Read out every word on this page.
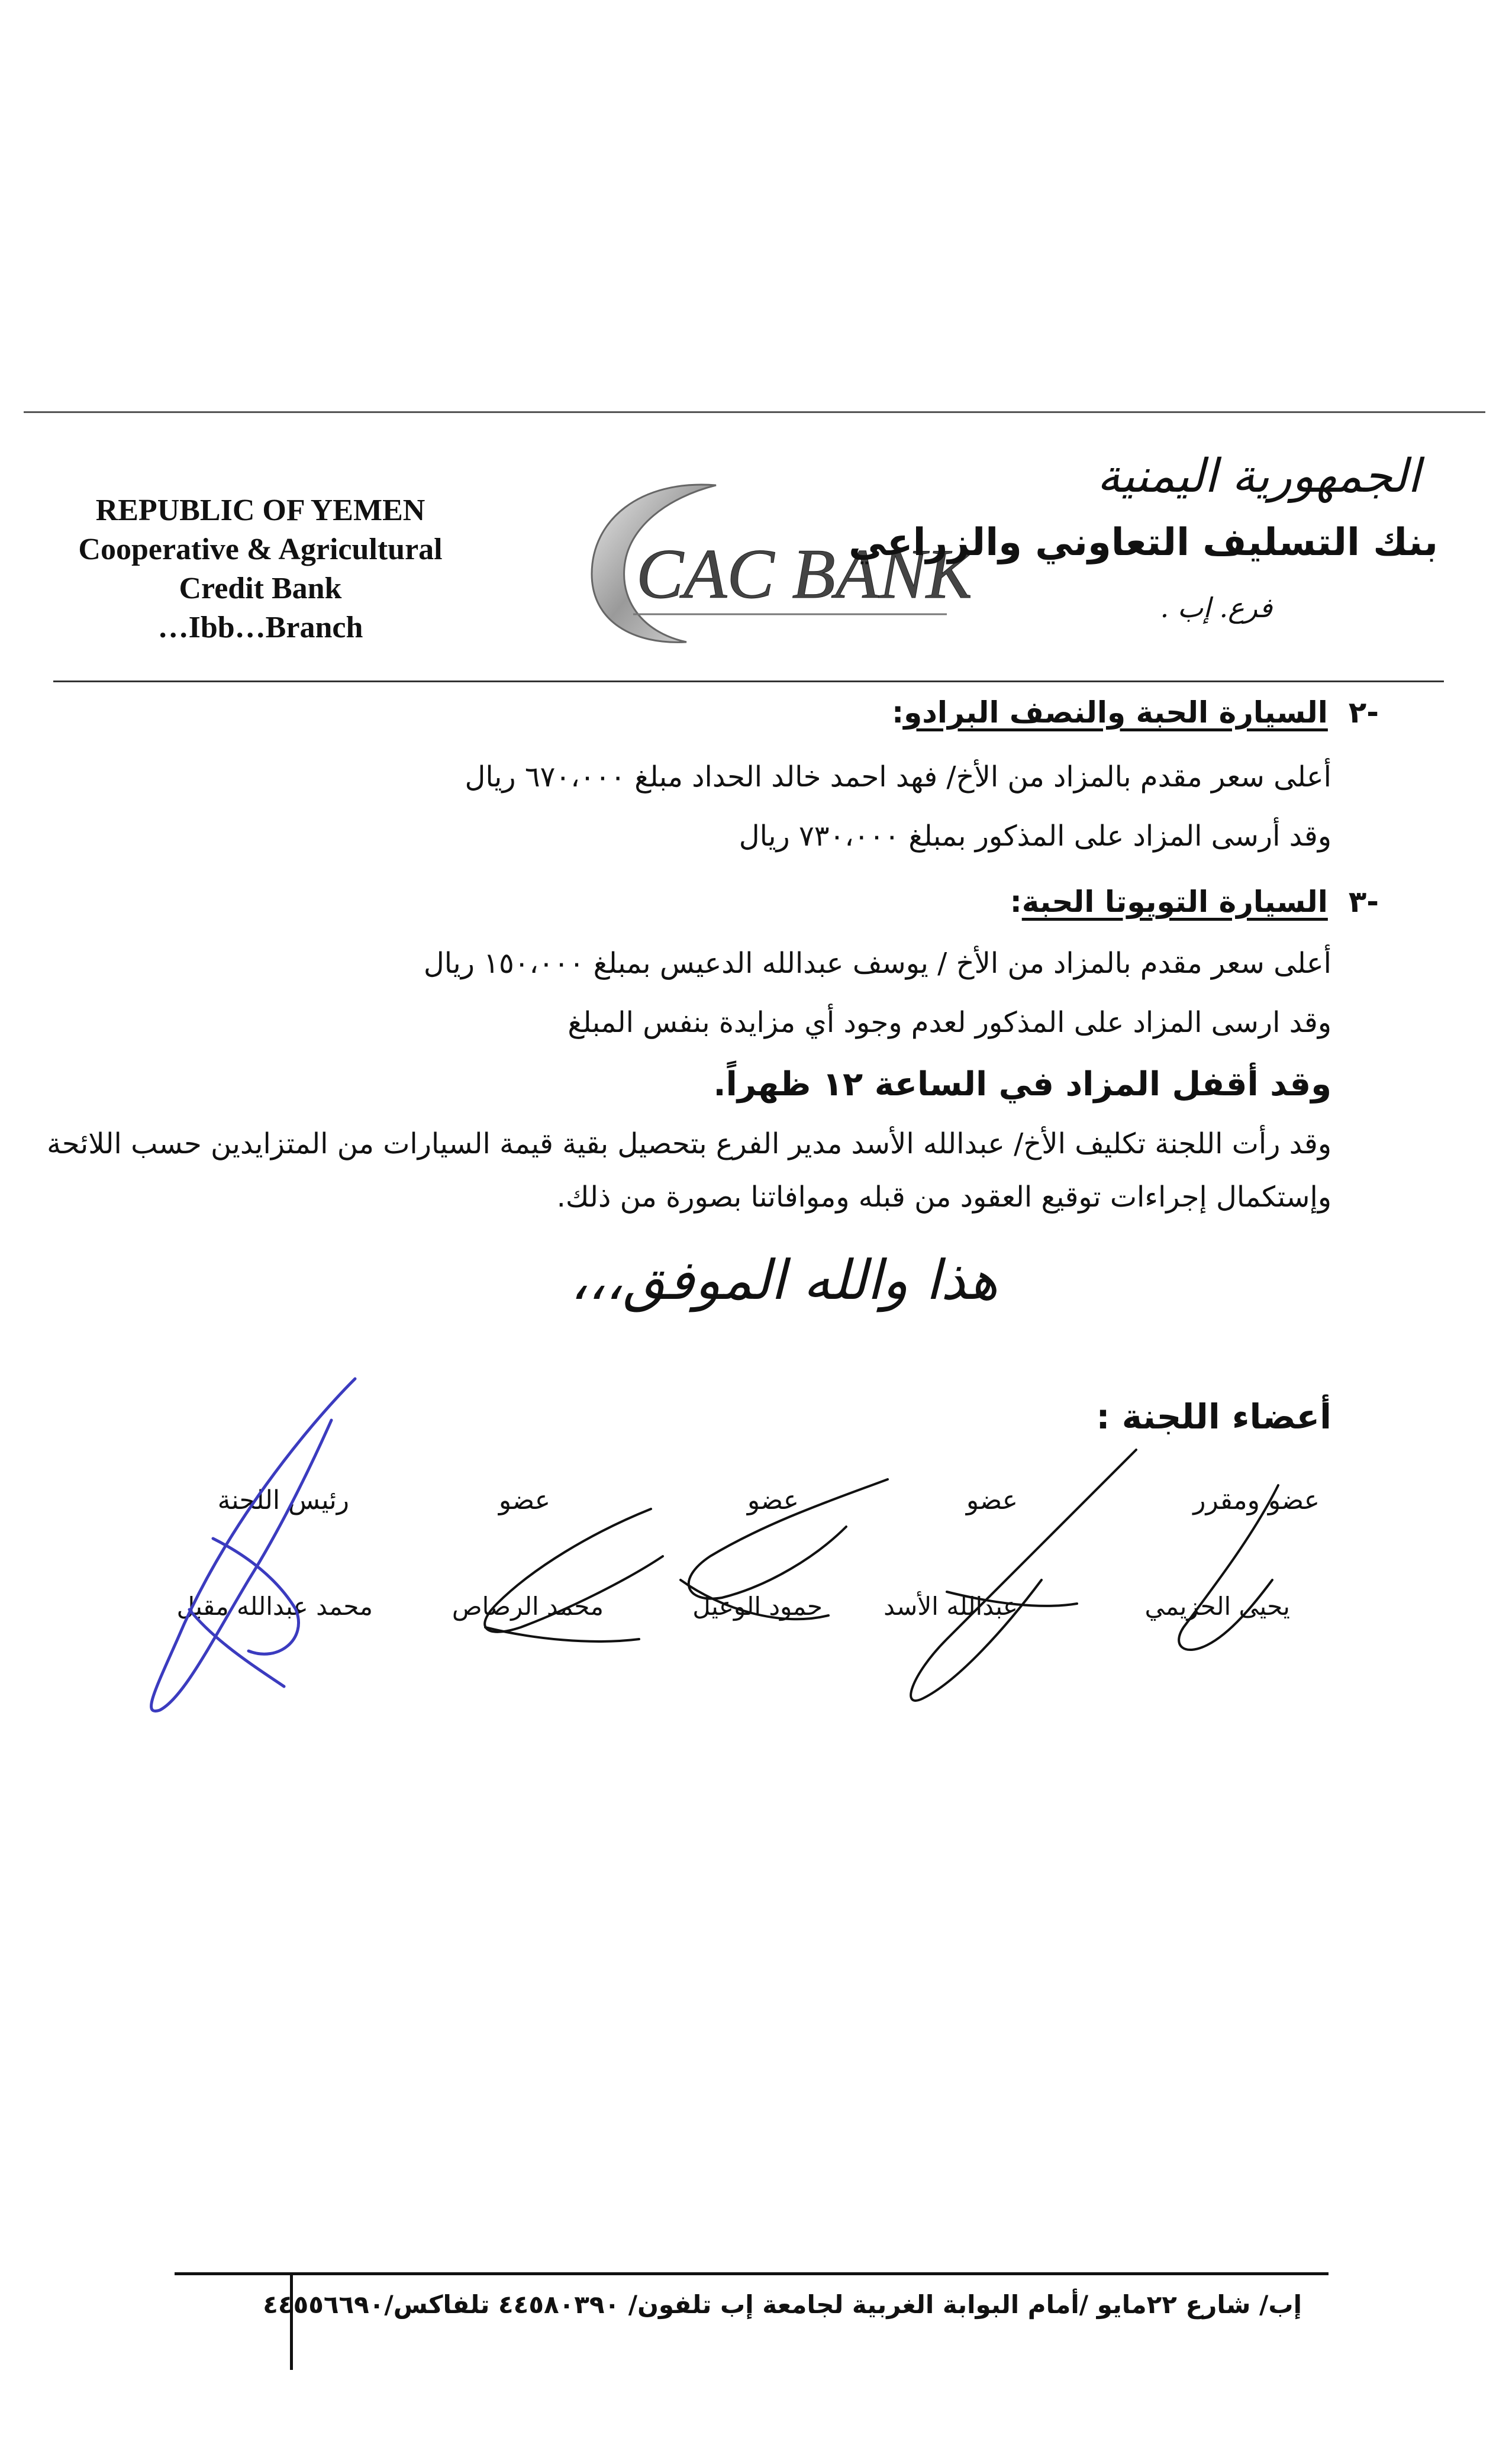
REPUBLIC OF YEMEN
Cooperative & Agricultural
Credit Bank
…Ibb…Branch
CAC BANK
الجمهورية اليمنية
بنك التسليف التعاوني والزراعي
فرع. إب .
-٢  السيارة الحبة والنصف البرادو:
أعلى سعر مقدم بالمزاد من الأخ/ فهد احمد خالد الحداد مبلغ ٦٧٠،٠٠٠ ريال
وقد أرسى المزاد على المذكور بمبلغ ٧٣٠،٠٠٠ ريال
-٣  السيارة التويوتا الحبة:
أعلى سعر مقدم بالمزاد من الأخ / يوسف عبدالله الدعيس بمبلغ ١٥٠،٠٠٠ ريال
وقد ارسى المزاد على المذكور لعدم وجود أي مزايدة بنفس المبلغ
وقد أقفل المزاد في الساعة ١٢ ظهراً.
وقد رأت اللجنة تكليف الأخ/ عبدالله الأسد مدير الفرع بتحصيل بقية قيمة السيارات من المتزايدين حسب اللائحة
وإستكمال إجراءات توقيع العقود من قبله وموافاتنا بصورة من ذلك.
هذا والله الموفق،،،
أعضاء اللجنة :
عضو ومقرر
عضو
عضو
عضو
رئيس اللجنة
يحيى الحزيمي
عبدالله الأسد
حمود الوعيل
محمد الرصاص
محمد عبدالله مقبل
إب/ شارع ٢٢مايو /أمام البوابة الغربية لجامعة إب تلفون/ ٤٤٥٨٠٣٩٠ تلفاكس/٤٤٥٥٦٦٩٠
